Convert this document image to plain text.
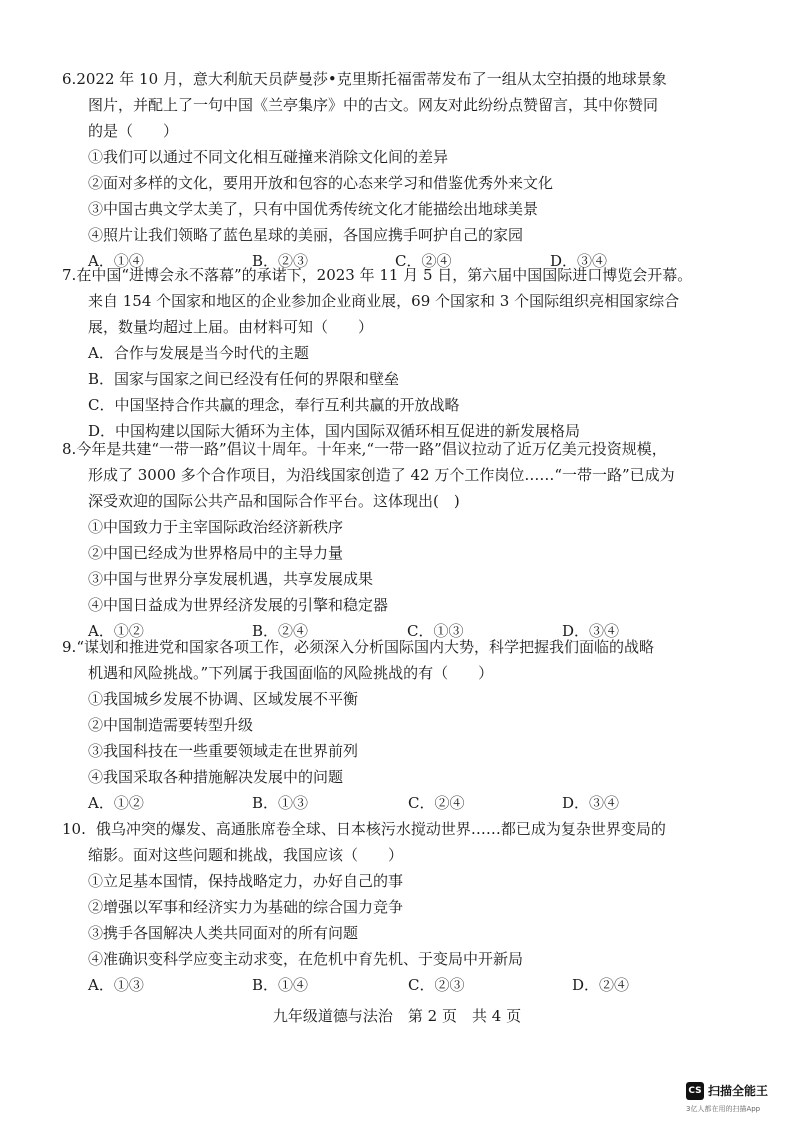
6.2022 年 10 月，意大利航天员萨曼莎•克里斯托福雷蒂发布了一组从太空拍摄的地球景象
图片，并配上了一句中国《兰亭集序》中的古文。网友对此纷纷点赞留言，其中你赞同
的是（　　）
①我们可以通过不同文化相互碰撞来消除文化间的差异
②面对多样的文化，要用开放和包容的心态来学习和借鉴优秀外来文化
③中国古典文学太美了，只有中国优秀传统文化才能描绘出地球美景
④照片让我们领略了蓝色星球的美丽，各国应携手呵护自己的家园
A．①④	B．②③	C．②④	D．③④
7.在中国“进博会永不落幕”的承诺下，2023 年 11 月 5 日，第六届中国国际进口博览会开幕。
来自 154 个国家和地区的企业参加企业商业展，69 个国家和 3 个国际组织亮相国家综合
展，数量均超过上届。由材料可知（　　）
A．合作与发展是当今时代的主题
B．国家与国家之间已经没有任何的界限和壁垒
C．中国坚持合作共赢的理念，奉行互利共赢的开放战略
D．中国构建以国际大循环为主体，国内国际双循环相互促进的新发展格局
8.今年是共建“一带一路”倡议十周年。十年来,“一带一路”倡议拉动了近万亿美元投资规模，
形成了 3000 多个合作项目，为沿线国家创造了 42 万个工作岗位……“一带一路”已成为
深受欢迎的国际公共产品和国际合作平台。这体现出(　)
①中国致力于主宰国际政治经济新秩序
②中国已经成为世界格局中的主导力量
③中国与世界分享发展机遇，共享发展成果
④中国日益成为世界经济发展的引擎和稳定器
A．①②	B．②④	C．①③	D．③④
9.“谋划和推进党和国家各项工作，必须深入分析国际国内大势，科学把握我们面临的战略
机遇和风险挑战。”下列属于我国面临的风险挑战的有（　　）
①我国城乡发展不协调、区域发展不平衡
②中国制造需要转型升级
③我国科技在一些重要领域走在世界前列
④我国采取各种措施解决发展中的问题
A．①②	B．①③	C．②④	D．③④
10. 俄乌冲突的爆发、高通胀席卷全球、日本核污水搅动世界……都已成为复杂世界变局的
缩影。面对这些问题和挑战，我国应该（　　）
①立足基本国情，保持战略定力，办好自己的事
②增强以军事和经济实力为基础的综合国力竞争
③携手各国解决人类共同面对的所有问题
④准确识变科学应变主动求变，在危机中育先机、于变局中开新局
A．①③	B．①④	C．②③	D．②④
九年级道德与法治　第 2 页　共 4 页
CS 扫描全能王
3亿人都在用的扫描App
